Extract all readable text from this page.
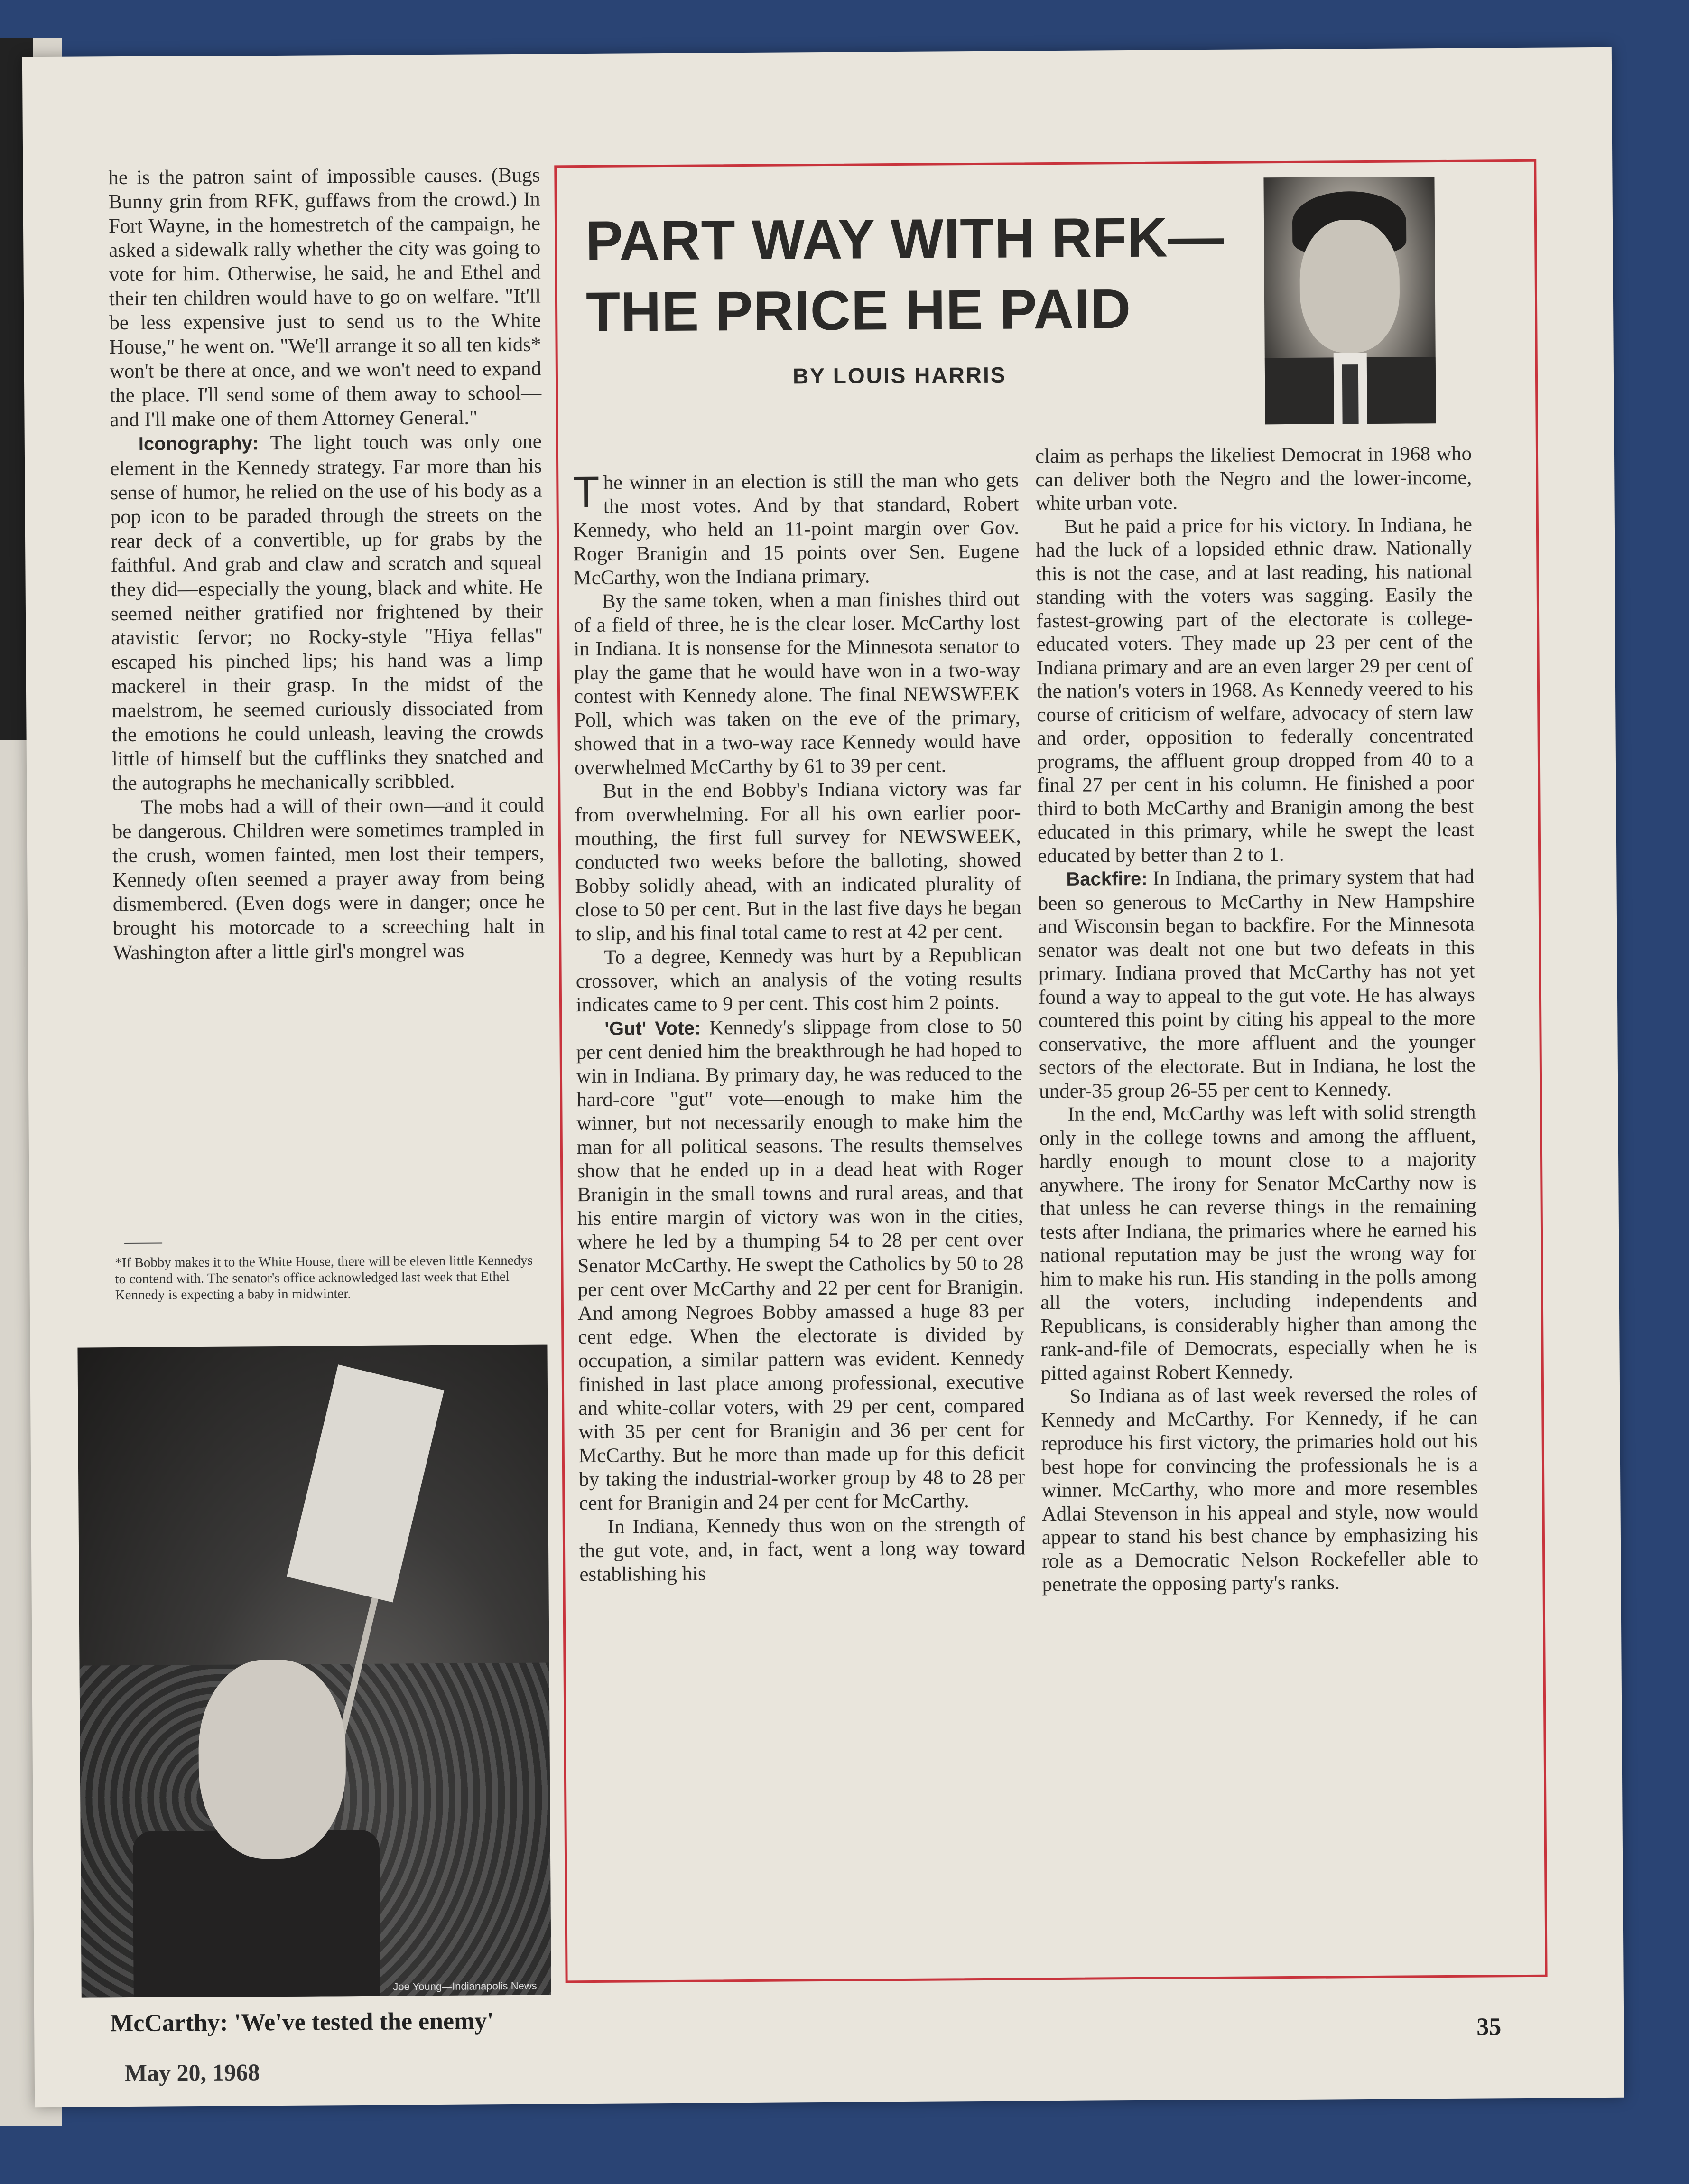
he is the patron saint of impossible causes. (Bugs Bunny grin from RFK, guffaws from the crowd.) In Fort Wayne, in the homestretch of the campaign, he asked a sidewalk rally whether the city was going to vote for him. Otherwise, he said, he and Ethel and their ten children would have to go on welfare. "It'll be less expensive just to send us to the White House," he went on. "We'll arrange it so all ten kids* won't be there at once, and we won't need to expand the place. I'll send some of them away to school—and I'll make one of them Attorney General."

Iconography: The light touch was only one element in the Kennedy strategy. Far more than his sense of humor, he relied on the use of his body as a pop icon to be paraded through the streets on the rear deck of a convertible, up for grabs by the faithful. And grab and claw and scratch and squeal they did—especially the young, black and white. He seemed neither gratified nor frightened by their atavistic fervor; no Rocky-style "Hiya fellas" escaped his pinched lips; his hand was a limp mackerel in their grasp. In the midst of the maelstrom, he seemed curiously dissociated from the emotions he could unleash, leaving the crowds little of himself but the cufflinks they snatched and the autographs he mechanically scribbled.

The mobs had a will of their own—and it could be dangerous. Children were sometimes trampled in the crush, women fainted, men lost their tempers, Kennedy often seemed a prayer away from being dismembered. (Even dogs were in danger; once he brought his motorcade to a screeching halt in Washington after a little girl's mongrel was

*If Bobby makes it to the White House, there will be eleven little Kennedys to contend with. The senator's office acknowledged last week that Ethel Kennedy is expecting a baby in midwinter.
Joe Young—Indianapolis News
McCarthy: 'We've tested the enemy'
May 20, 1968
35
PART WAY WITH RFK—
THE PRICE HE PAID
BY LOUIS HARRIS

The winner in an election is still the man who gets the most votes. And by that standard, Robert Kennedy, who held an 11-point margin over Gov. Roger Branigin and 15 points over Sen. Eugene McCarthy, won the Indiana primary.

By the same token, when a man finishes third out of a field of three, he is the clear loser. McCarthy lost in Indiana. It is nonsense for the Minnesota senator to play the game that he would have won in a two-way contest with Kennedy alone. The final NEWSWEEK Poll, which was taken on the eve of the primary, showed that in a two-way race Kennedy would have overwhelmed McCarthy by 61 to 39 per cent.

But in the end Bobby's Indiana victory was far from overwhelming. For all his own earlier poor-mouthing, the first full survey for NEWSWEEK, conducted two weeks before the balloting, showed Bobby solidly ahead, with an indicated plurality of close to 50 per cent. But in the last five days he began to slip, and his final total came to rest at 42 per cent.

To a degree, Kennedy was hurt by a Republican crossover, which an analysis of the voting results indicates came to 9 per cent. This cost him 2 points.

'Gut' Vote: Kennedy's slippage from close to 50 per cent denied him the breakthrough he had hoped to win in Indiana. By primary day, he was reduced to the hard-core "gut" vote—enough to make him the winner, but not necessarily enough to make him the man for all political seasons. The results themselves show that he ended up in a dead heat with Roger Branigin in the small towns and rural areas, and that his entire margin of victory was won in the cities, where he led by a thumping 54 to 28 per cent over Senator McCarthy. He swept the Catholics by 50 to 28 per cent over McCarthy and 22 per cent for Branigin. And among Negroes Bobby amassed a huge 83 per cent edge. When the electorate is divided by occupation, a similar pattern was evident. Kennedy finished in last place among professional, executive and white-collar voters, with 29 per cent, compared with 35 per cent for Branigin and 36 per cent for McCarthy. But he more than made up for this deficit by taking the industrial-worker group by 48 to 28 per cent for Branigin and 24 per cent for McCarthy.

In Indiana, Kennedy thus won on the strength of the gut vote, and, in fact, went a long way toward establishing his

claim as perhaps the likeliest Democrat in 1968 who can deliver both the Negro and the lower-income, white urban vote.

But he paid a price for his victory. In Indiana, he had the luck of a lopsided ethnic draw. Nationally this is not the case, and at last reading, his national standing with the voters was sagging. Easily the fastest-growing part of the electorate is college-educated voters. They made up 23 per cent of the Indiana primary and are an even larger 29 per cent of the nation's voters in 1968. As Kennedy veered to his course of criticism of welfare, advocacy of stern law and order, opposition to federally concentrated programs, the affluent group dropped from 40 to a final 27 per cent in his column. He finished a poor third to both McCarthy and Branigin among the best educated in this primary, while he swept the least educated by better than 2 to 1.

Backfire: In Indiana, the primary system that had been so generous to McCarthy in New Hampshire and Wisconsin began to backfire. For the Minnesota senator was dealt not one but two defeats in this primary. Indiana proved that McCarthy has not yet found a way to appeal to the gut vote. He has always countered this point by citing his appeal to the more conservative, the more affluent and the younger sectors of the electorate. But in Indiana, he lost the under-35 group 26-55 per cent to Kennedy.

In the end, McCarthy was left with solid strength only in the college towns and among the affluent, hardly enough to mount close to a majority anywhere. The irony for Senator McCarthy now is that unless he can reverse things in the remaining tests after Indiana, the primaries where he earned his national reputation may be just the wrong way for him to make his run. His standing in the polls among all the voters, including independents and Republicans, is considerably higher than among the rank-and-file of Democrats, especially when he is pitted against Robert Kennedy.

So Indiana as of last week reversed the roles of Kennedy and McCarthy. For Kennedy, if he can reproduce his first victory, the primaries hold out his best hope for convincing the professionals he is a winner. McCarthy, who more and more resembles Adlai Stevenson in his appeal and style, now would appear to stand his best chance by emphasizing his role as a Democratic Nelson Rockefeller able to penetrate the opposing party's ranks.
